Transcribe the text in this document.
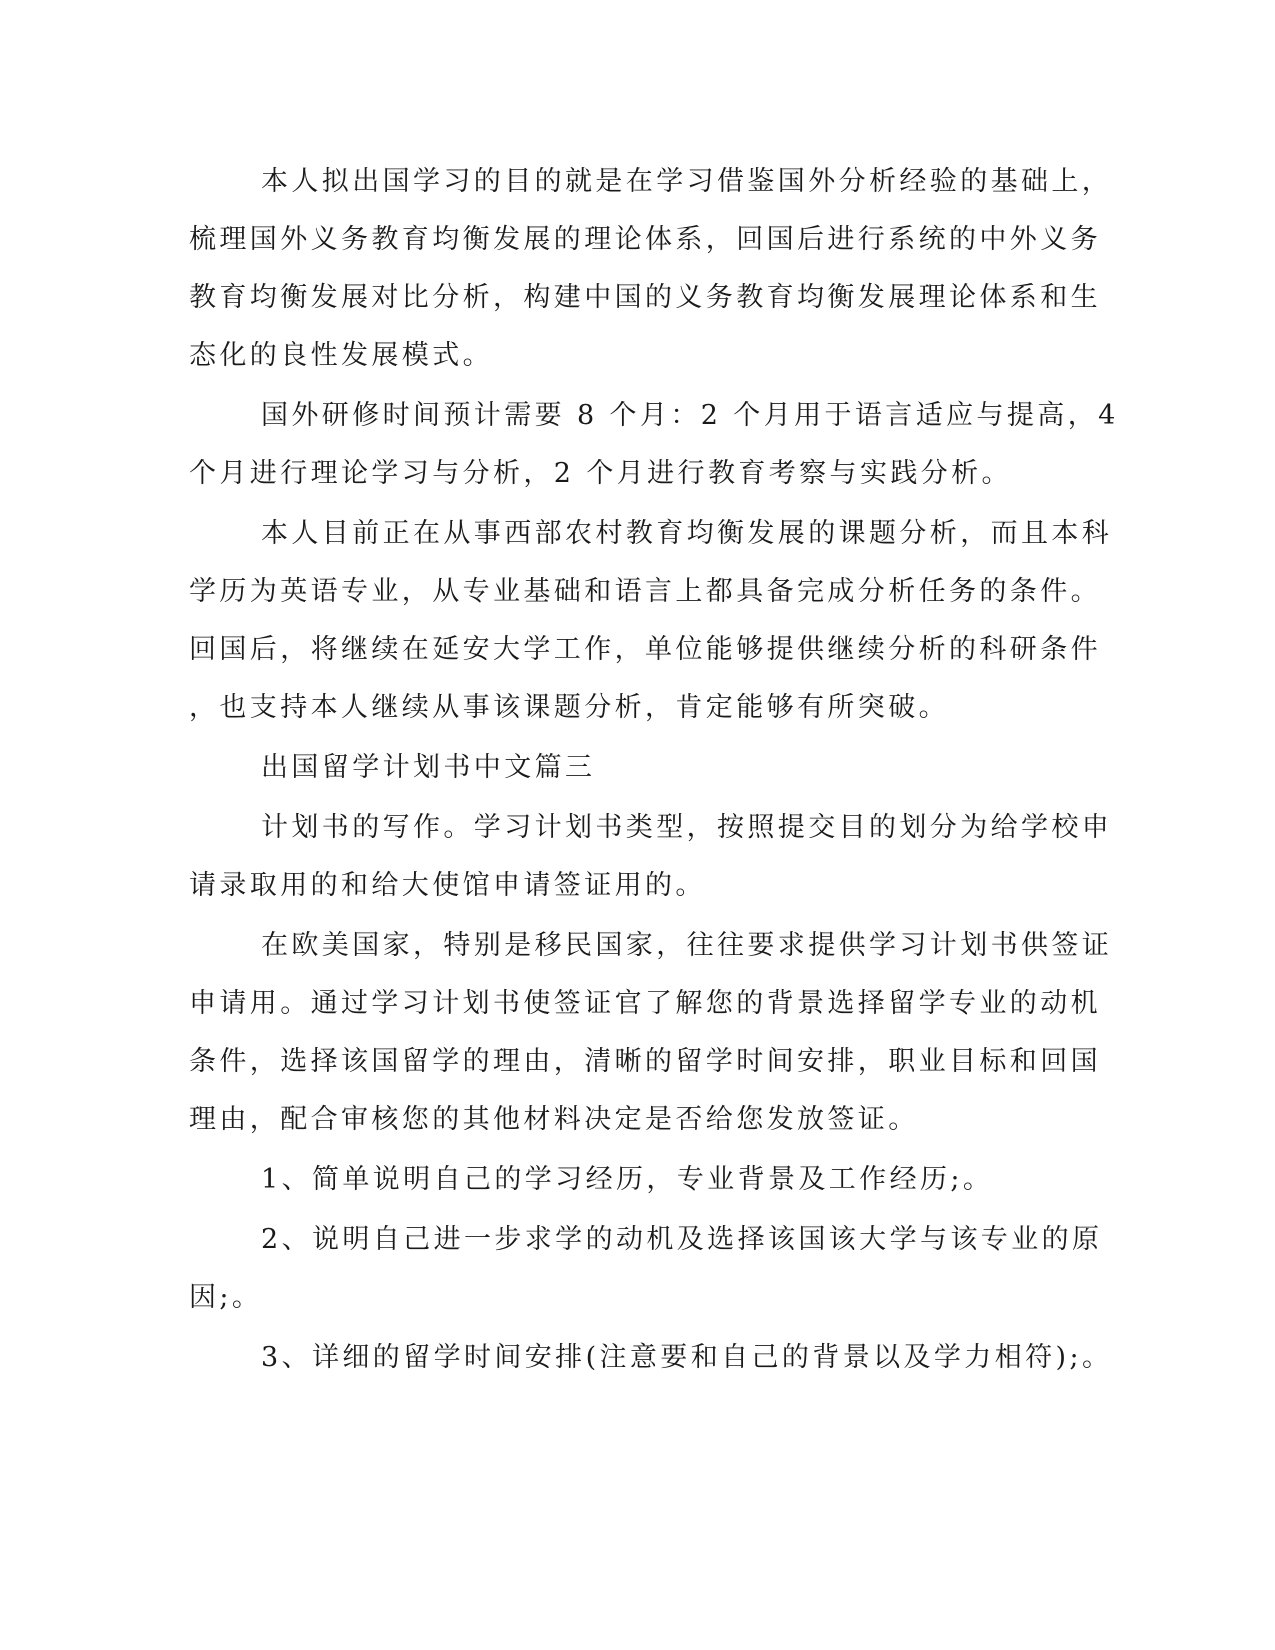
本人拟出国学习的目的就是在学习借鉴国外分析经验的基础上，
梳理国外义务教育均衡发展的理论体系，回国后进行系统的中外义务
教育均衡发展对比分析，构建中国的义务教育均衡发展理论体系和生
态化的良性发展模式。
国外研修时间预计需要 8 个月：2 个月用于语言适应与提高，4
个月进行理论学习与分析，2 个月进行教育考察与实践分析。
本人目前正在从事西部农村教育均衡发展的课题分析，而且本科
学历为英语专业，从专业基础和语言上都具备完成分析任务的条件。
回国后，将继续在延安大学工作，单位能够提供继续分析的科研条件
，也支持本人继续从事该课题分析，肯定能够有所突破。
出国留学计划书中文篇三
计划书的写作。学习计划书类型，按照提交目的划分为给学校申
请录取用的和给大使馆申请签证用的。
在欧美国家，特别是移民国家，往往要求提供学习计划书供签证
申请用。通过学习计划书使签证官了解您的背景选择留学专业的动机
条件，选择该国留学的理由，清晰的留学时间安排，职业目标和回国
理由，配合审核您的其他材料决定是否给您发放签证。
1、简单说明自己的学习经历，专业背景及工作经历;。
2、说明自己进一步求学的动机及选择该国该大学与该专业的原
因;。
3、详细的留学时间安排(注意要和自己的背景以及学力相符);。
